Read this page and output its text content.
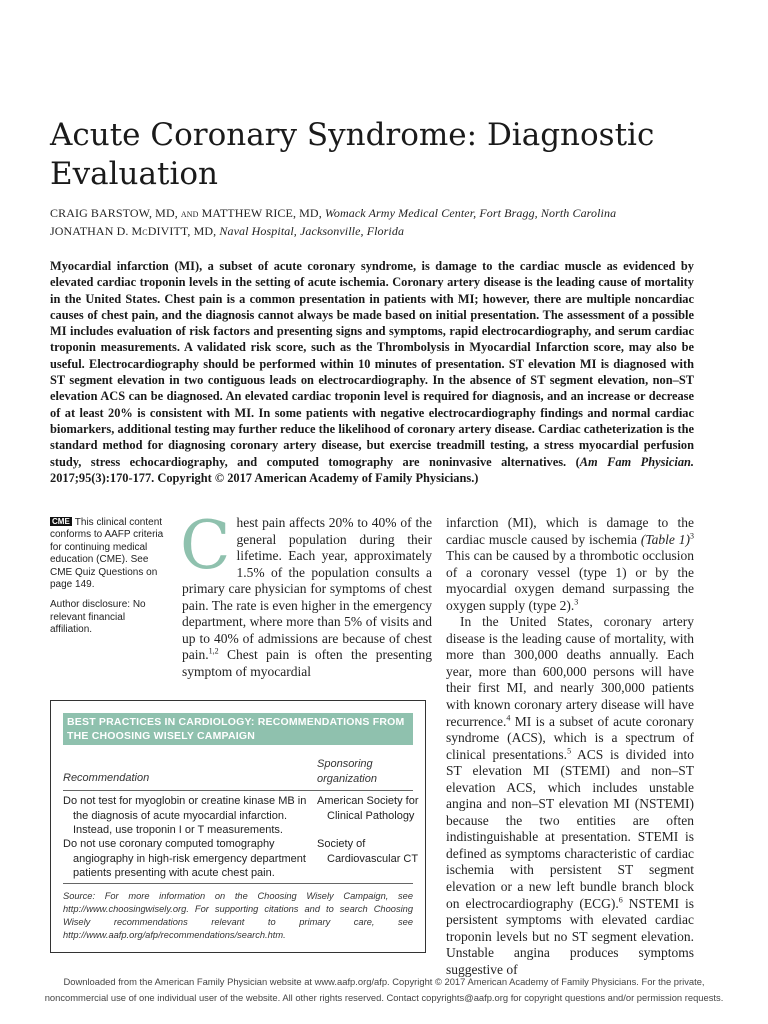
Acute Coronary Syndrome: Diagnostic Evaluation
CRAIG BARSTOW, MD, and MATTHEW RICE, MD, Womack Army Medical Center, Fort Bragg, North Carolina
JONATHAN D. McDIVITT, MD, Naval Hospital, Jacksonville, Florida

Myocardial infarction (MI), a subset of acute coronary syndrome, is damage to the cardiac muscle as evidenced by elevated cardiac troponin levels in the setting of acute ischemia. Coronary artery disease is the leading cause of mortality in the United States. Chest pain is a common presentation in patients with MI; however, there are multiple noncardiac causes of chest pain, and the diagnosis cannot always be made based on initial presentation. The assessment of a possible MI includes evaluation of risk factors and presenting signs and symptoms, rapid electrocardiography, and serum cardiac troponin measurements. A validated risk score, such as the Thrombolysis in Myocardial Infarction score, may also be useful. Electrocardiography should be performed within 10 minutes of presentation. ST elevation MI is diagnosed with ST segment elevation in two contiguous leads on electrocardiography. In the absence of ST segment elevation, non–ST elevation ACS can be diagnosed. An elevated cardiac troponin level is required for diagnosis, and an increase or decrease of at least 20% is consistent with MI. In some patients with negative electrocardiography findings and normal cardiac biomarkers, additional testing may further reduce the likelihood of coronary artery disease. Cardiac catheterization is the standard method for diagnosing coronary artery disease, but exercise treadmill testing, a stress myocardial perfusion study, stress echocardiography, and computed tomography are noninvasive alternatives. (Am Fam Physician. 2017;95(3):170-177. Copyright © 2017 American Academy of Family Physicians.)

CME This clinical content conforms to AAFP criteria for continuing medical education (CME). See CME Quiz Questions on page 149.

Author disclosure: No relevant financial affiliation.

Chest pain affects 20% to 40% of the general population during their lifetime. Each year, approximately 1.5% of the population consults a primary care physician for symptoms of chest pain. The rate is even higher in the emergency department, where more than 5% of visits and up to 40% of admissions are because of chest pain.$^{1,2}$ Chest pain is often the presenting symptom of myocardial

infarction (MI), which is damage to the cardiac muscle caused by ischemia (Table 1)$^3$ This can be caused by a thrombotic occlusion of a coronary vessel (type 1) or by the myocardial oxygen demand surpassing the oxygen supply (type 2).$^3$

In the United States, coronary artery disease is the leading cause of mortality, with more than 300,000 deaths annually. Each year, more than 600,000 persons will have their first MI, and nearly 300,000 patients with known coronary artery disease will have recurrence.$^4$ MI is a subset of acute coronary syndrome (ACS), which is a spectrum of clinical presentations.$^5$ ACS is divided into ST elevation MI (STEMI) and non–ST elevation ACS, which includes unstable angina and non–ST elevation MI (NSTEMI) because the two entities are often indistinguishable at presentation. STEMI is defined as symptoms characteristic of cardiac ischemia with persistent ST segment elevation or a new left bundle branch block on electrocardiography (ECG).$^6$ NSTEMI is persistent symptoms with elevated cardiac troponin levels but no ST segment elevation. Unstable angina produces symptoms suggestive of

BEST PRACTICES IN CARDIOLOGY: RECOMMENDATIONS FROM THE CHOOSING WISELY CAMPAIGN
Recommendation
Sponsoring organization
Do not test for myoglobin or creatine kinase MB in the diagnosis of acute myocardial infarction. Instead, use troponin I or T measurements.
American Society for Clinical Pathology
Do not use coronary computed tomography angiography in high-risk emergency department patients presenting with acute chest pain.
Society of Cardiovascular CT
Source: For more information on the Choosing Wisely Campaign, see http://www.choosingwisely.org. For supporting citations and to search Choosing Wisely recommendations relevant to primary care, see http://www.aafp.org/afp/recommendations/search.htm.
Downloaded from the American Family Physician website at www.aafp.org/afp. Copyright © 2017 American Academy of Family Physicians. For the private, noncommercial use of one individual user of the website. All other rights reserved. Contact copyrights@aafp.org for copyright questions and/or permission requests.
